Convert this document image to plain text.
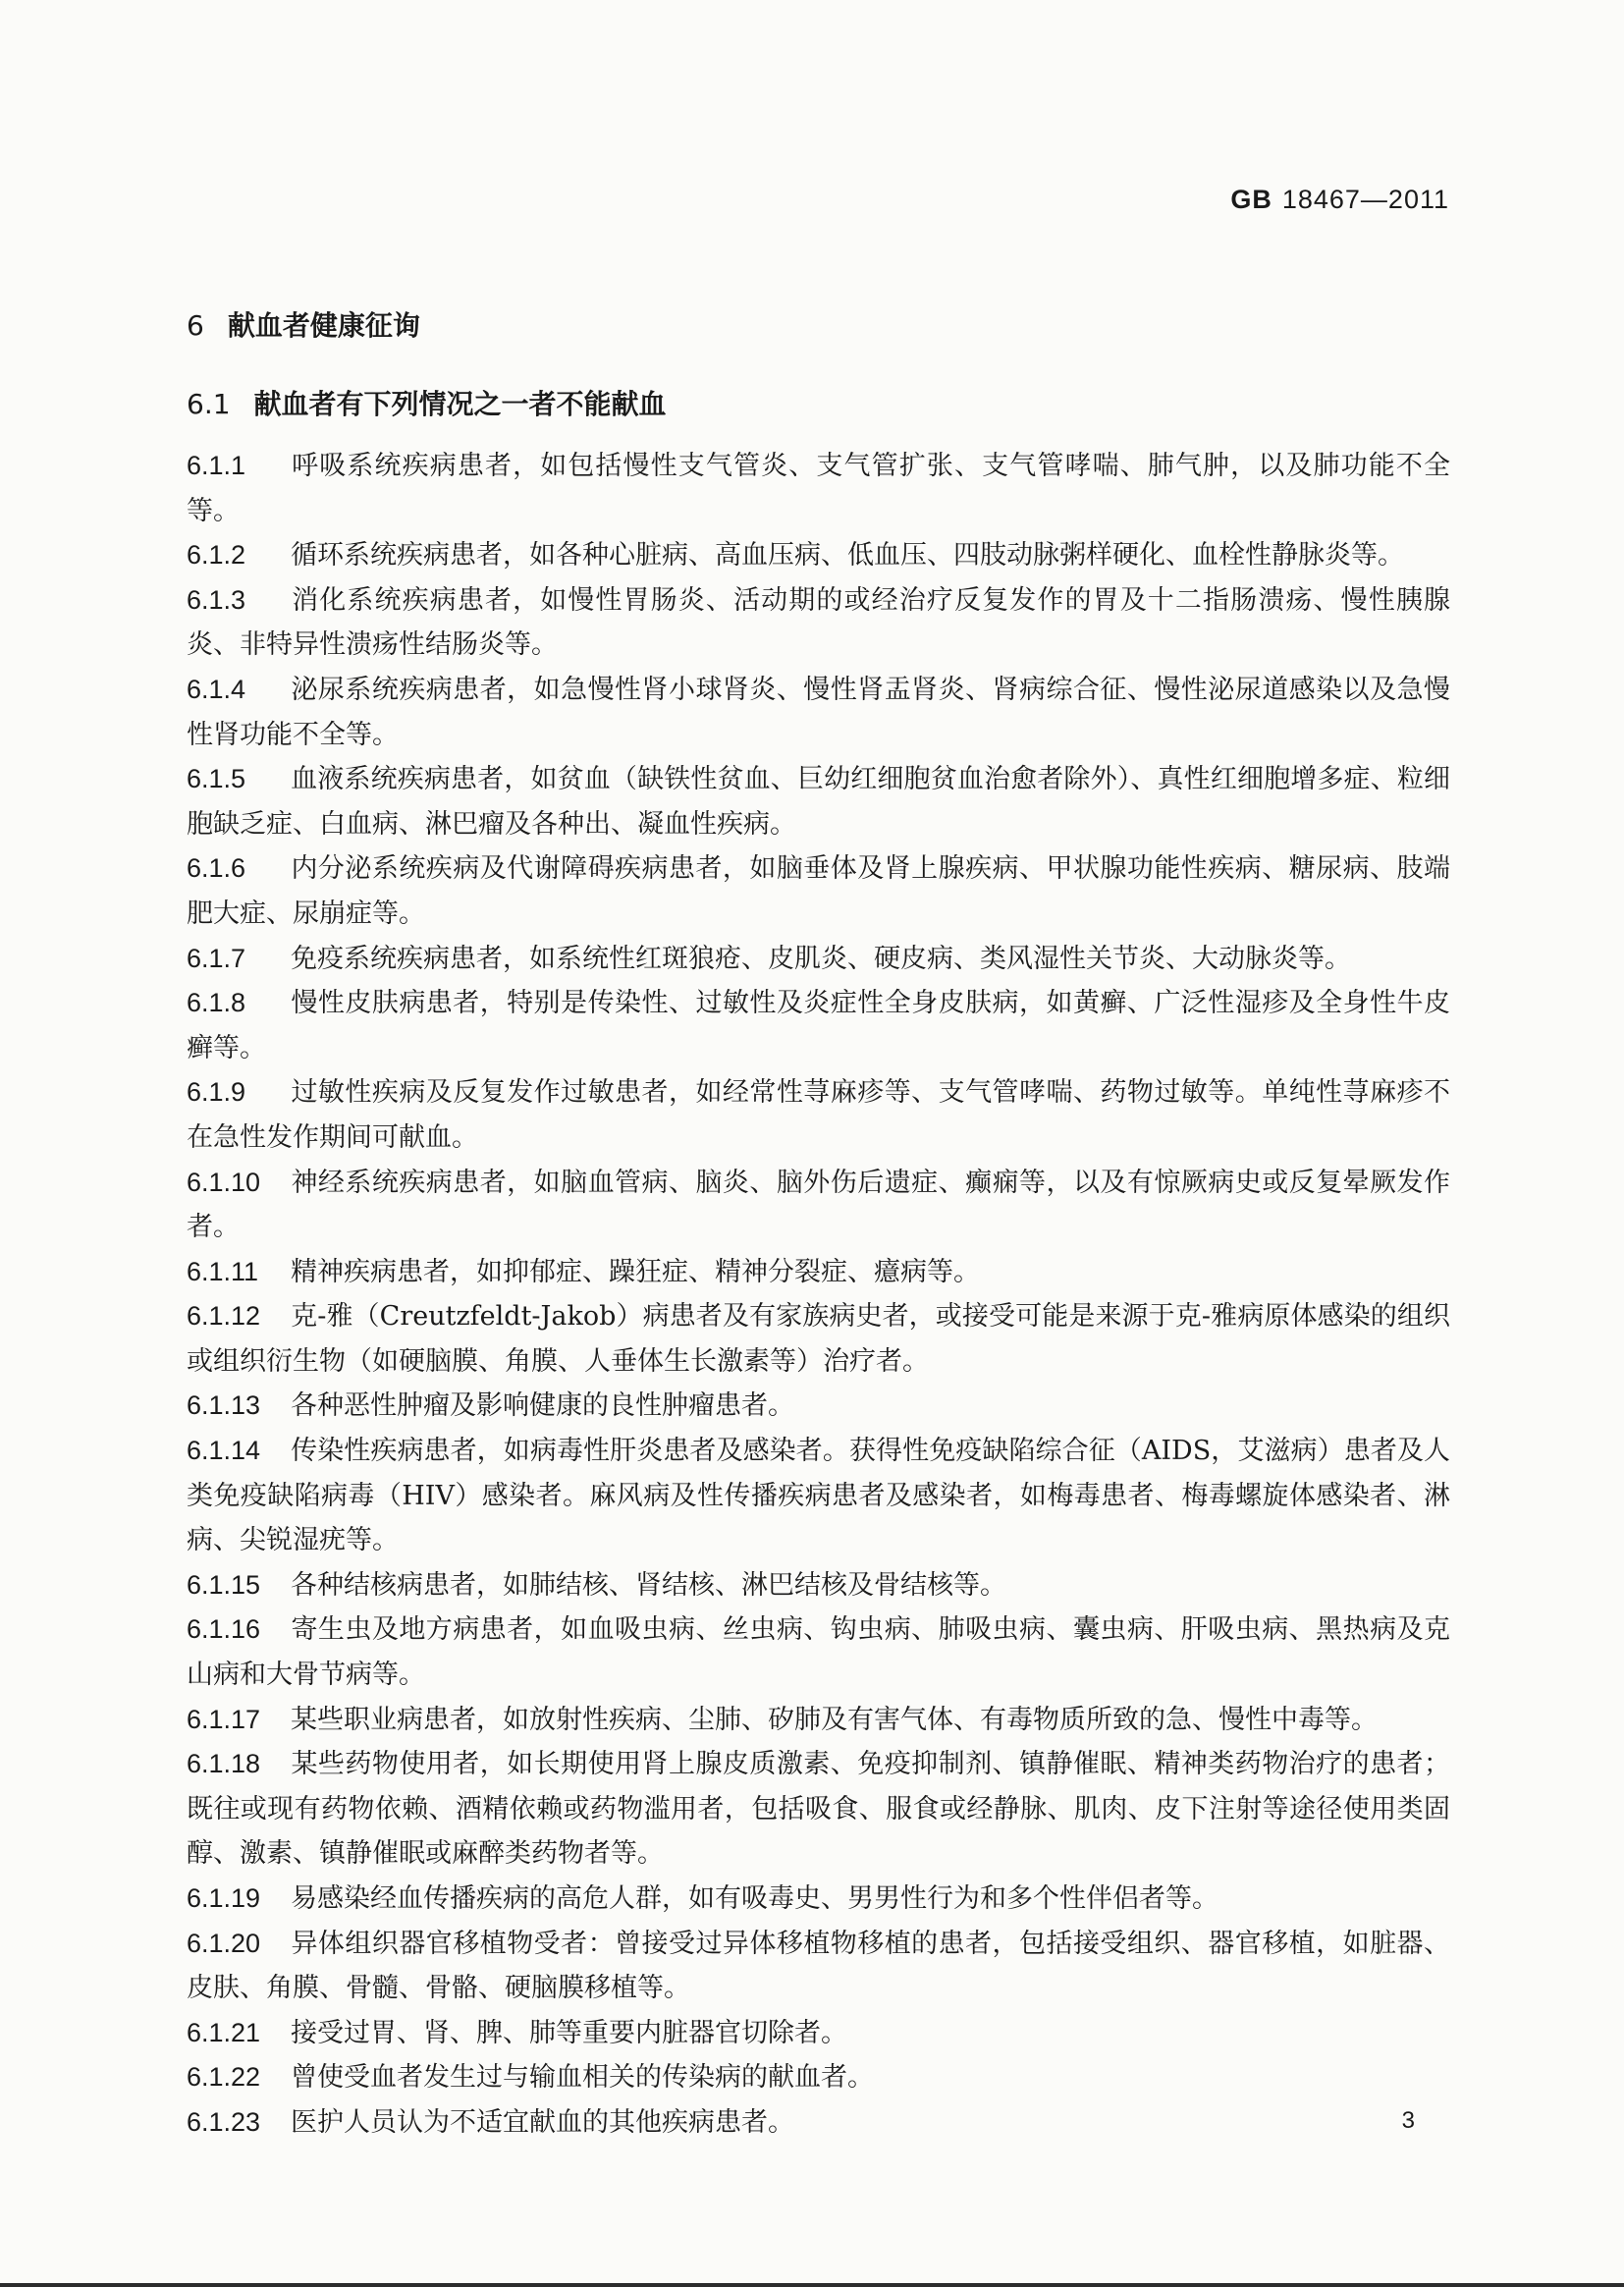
GB 18467—2011
6 献血者健康征询
6.1 献血者有下列情况之一者不能献血
6.1.1 呼吸系统疾病患者，如包括慢性支气管炎、支气管扩张、支气管哮喘、肺气肿，以及肺功能不全等。
6.1.2 循环系统疾病患者，如各种心脏病、高血压病、低血压、四肢动脉粥样硬化、血栓性静脉炎等。
6.1.3 消化系统疾病患者，如慢性胃肠炎、活动期的或经治疗反复发作的胃及十二指肠溃疡、慢性胰腺炎、非特异性溃疡性结肠炎等。
6.1.4 泌尿系统疾病患者，如急慢性肾小球肾炎、慢性肾盂肾炎、肾病综合征、慢性泌尿道感染以及急慢性肾功能不全等。
6.1.5 血液系统疾病患者，如贫血（缺铁性贫血、巨幼红细胞贫血治愈者除外）、真性红细胞增多症、粒细胞缺乏症、白血病、淋巴瘤及各种出、凝血性疾病。
6.1.6 内分泌系统疾病及代谢障碍疾病患者，如脑垂体及肾上腺疾病、甲状腺功能性疾病、糖尿病、肢端肥大症、尿崩症等。
6.1.7 免疫系统疾病患者，如系统性红斑狼疮、皮肌炎、硬皮病、类风湿性关节炎、大动脉炎等。
6.1.8 慢性皮肤病患者，特别是传染性、过敏性及炎症性全身皮肤病，如黄癣、广泛性湿疹及全身性牛皮癣等。
6.1.9 过敏性疾病及反复发作过敏患者，如经常性荨麻疹等、支气管哮喘、药物过敏等。单纯性荨麻疹不在急性发作期间可献血。
6.1.10 神经系统疾病患者，如脑血管病、脑炎、脑外伤后遗症、癫痫等，以及有惊厥病史或反复晕厥发作者。
6.1.11 精神疾病患者，如抑郁症、躁狂症、精神分裂症、癔病等。
6.1.12 克-雅（Creutzfeldt-Jakob）病患者及有家族病史者，或接受可能是来源于克-雅病原体感染的组织或组织衍生物（如硬脑膜、角膜、人垂体生长激素等）治疗者。
6.1.13 各种恶性肿瘤及影响健康的良性肿瘤患者。
6.1.14 传染性疾病患者，如病毒性肝炎患者及感染者。获得性免疫缺陷综合征（AIDS，艾滋病）患者及人类免疫缺陷病毒（HIV）感染者。麻风病及性传播疾病患者及感染者，如梅毒患者、梅毒螺旋体感染者、淋病、尖锐湿疣等。
6.1.15 各种结核病患者，如肺结核、肾结核、淋巴结核及骨结核等。
6.1.16 寄生虫及地方病患者，如血吸虫病、丝虫病、钩虫病、肺吸虫病、囊虫病、肝吸虫病、黑热病及克山病和大骨节病等。
6.1.17 某些职业病患者，如放射性疾病、尘肺、矽肺及有害气体、有毒物质所致的急、慢性中毒等。
6.1.18 某些药物使用者，如长期使用肾上腺皮质激素、免疫抑制剂、镇静催眠、精神类药物治疗的患者；既往或现有药物依赖、酒精依赖或药物滥用者，包括吸食、服食或经静脉、肌肉、皮下注射等途径使用类固醇、激素、镇静催眠或麻醉类药物者等。
6.1.19 易感染经血传播疾病的高危人群，如有吸毒史、男男性行为和多个性伴侣者等。
6.1.20 异体组织器官移植物受者：曾接受过异体移植物移植的患者，包括接受组织、器官移植，如脏器、皮肤、角膜、骨髓、骨骼、硬脑膜移植等。
6.1.21 接受过胃、肾、脾、肺等重要内脏器官切除者。
6.1.22 曾使受血者发生过与输血相关的传染病的献血者。
6.1.23 医护人员认为不适宜献血的其他疾病患者。	3
